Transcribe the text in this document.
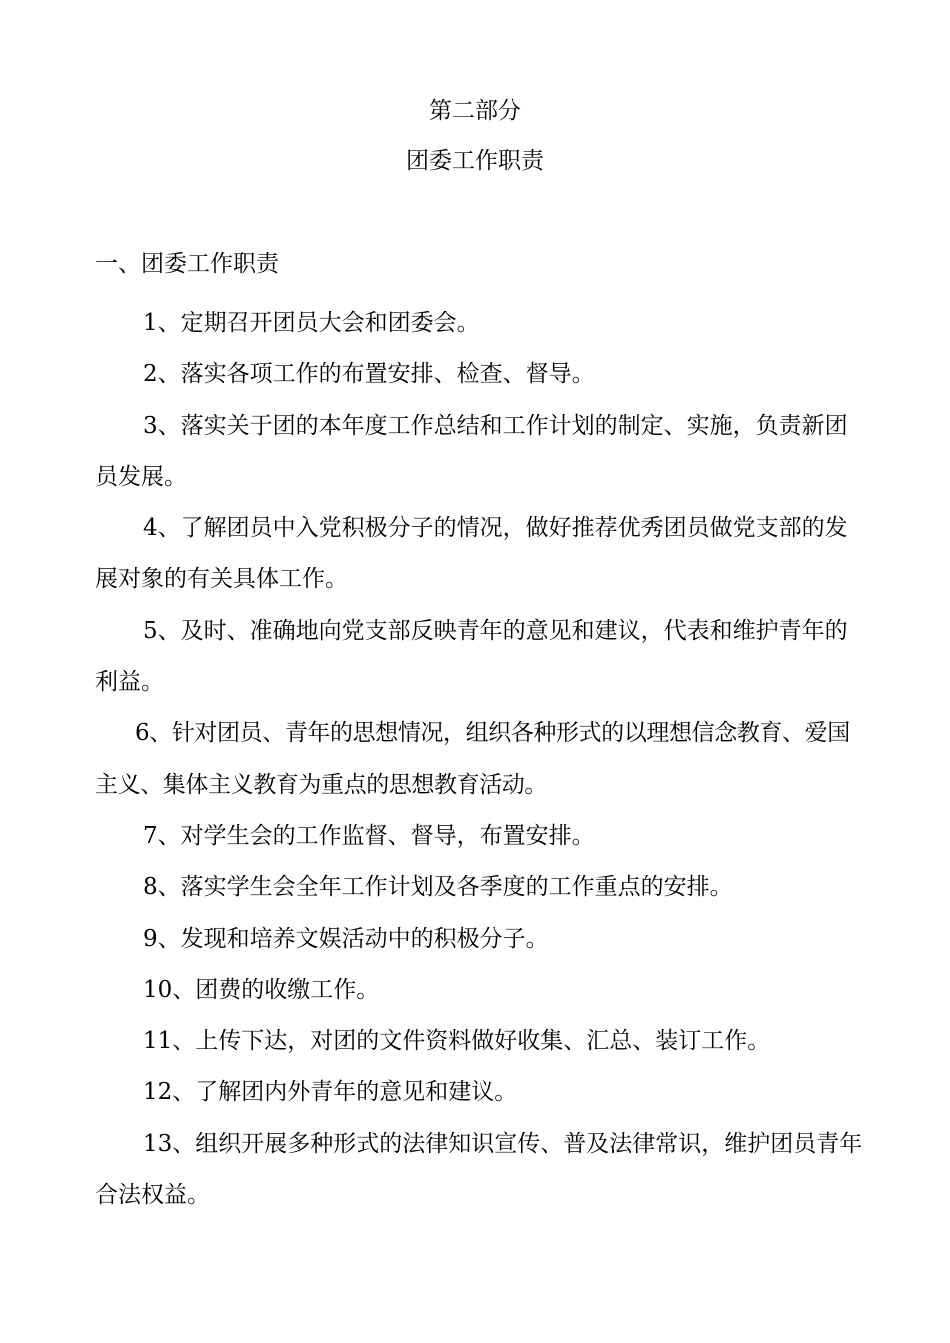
第二部分
团委工作职责
一、团委工作职责

1、定期召开团员大会和团委会。

2、落实各项工作的布置安排、检查、督导。

3、落实关于团的本年度工作总结和工作计划的制定、实施，负责新团员发展。

4、了解团员中入党积极分子的情况，做好推荐优秀团员做党支部的发展对象的有关具体工作。

5、及时、准确地向党支部反映青年的意见和建议，代表和维护青年的利益。

6、针对团员、青年的思想情况，组织各种形式的以理想信念教育、爱国主义、集体主义教育为重点的思想教育活动。

7、对学生会的工作监督、督导，布置安排。

8、落实学生会全年工作计划及各季度的工作重点的安排。

9、发现和培养文娱活动中的积极分子。

10、团费的收缴工作。

11、上传下达，对团的文件资料做好收集、汇总、装订工作。

12、了解团内外青年的意见和建议。

13、组织开展多种形式的法律知识宣传、普及法律常识，维护团员青年合法权益。
